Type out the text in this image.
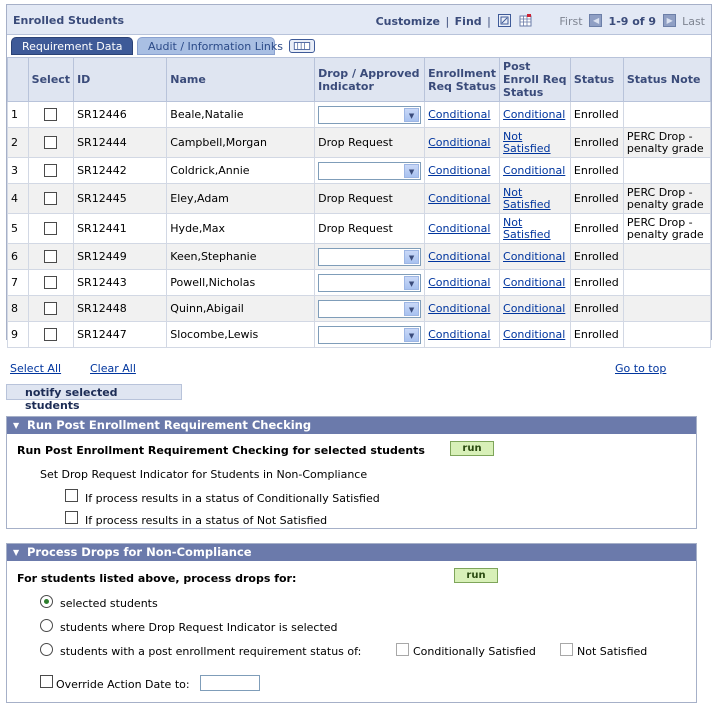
Enrolled Students	Customize | Find |	First ◀ 1-9 of 9 ▶ Last
Requirement Data	Audit / Information Links
	Select	ID	Name	Drop / Approved Indicator	Enrollment Req Status	Post Enroll Req Status	Status	Status Note
1		SR12446	Beale,Natalie	▼	Conditional	Conditional	Enrolled	
2		SR12444	Campbell,Morgan	Drop Request	Conditional	Not Satisfied	Enrolled	PERC Drop - penalty grade
3		SR12442	Coldrick,Annie	▼	Conditional	Conditional	Enrolled	
4		SR12445	Eley,Adam	Drop Request	Conditional	Not Satisfied	Enrolled	PERC Drop - penalty grade
5		SR12441	Hyde,Max	Drop Request	Conditional	Not Satisfied	Enrolled	PERC Drop - penalty grade
6		SR12449	Keen,Stephanie	▼	Conditional	Conditional	Enrolled	
7		SR12443	Powell,Nicholas	▼	Conditional	Conditional	Enrolled	
8		SR12448	Quinn,Abigail	▼	Conditional	Conditional	Enrolled	
9		SR12447	Slocombe,Lewis	▼	Conditional	Conditional	Enrolled	
Select All	Clear All	Go to top
notify selected students
▼ Run Post Enrollment Requirement Checking
Run Post Enrollment Requirement Checking for selected students	run
Set Drop Request Indicator for Students in Non-Compliance
If process results in a status of Conditionally Satisfied
If process results in a status of Not Satisfied
▼ Process Drops for Non-Compliance
For students listed above, process drops for:	run
selected students
students where Drop Request Indicator is selected
students with a post enrollment requirement status of:	Conditionally Satisfied	Not Satisfied
Override Action Date to:
